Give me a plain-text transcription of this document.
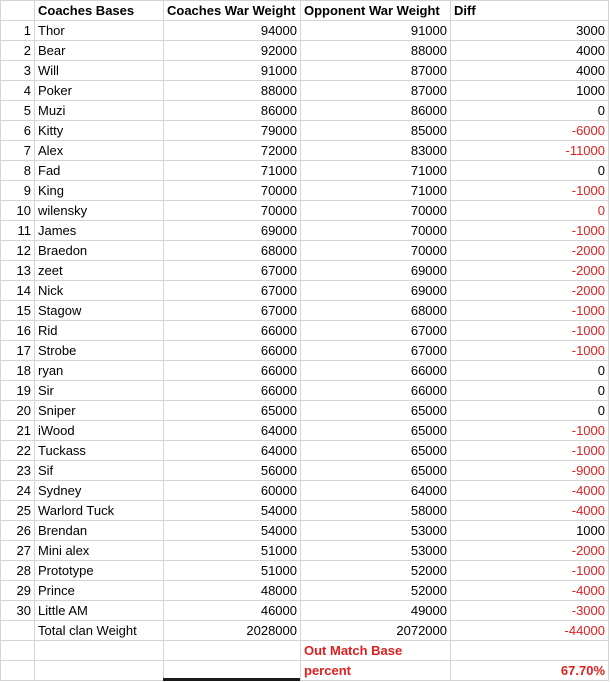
	Coaches Bases	Coaches War Weight	Opponent War Weight	Diff
1	Thor	94000	91000	3000
2	Bear	92000	88000	4000
3	Will	91000	87000	4000
4	Poker	88000	87000	1000
5	Muzi	86000	86000	0
6	Kitty	79000	85000	-6000
7	Alex	72000	83000	-11000
8	Fad	71000	71000	0
9	King	70000	71000	-1000
10	wilensky	70000	70000	0
11	James	69000	70000	-1000
12	Braedon	68000	70000	-2000
13	zeet	67000	69000	-2000
14	Nick	67000	69000	-2000
15	Stagow	67000	68000	-1000
16	Rid	66000	67000	-1000
17	Strobe	66000	67000	-1000
18	ryan	66000	66000	0
19	Sir	66000	66000	0
20	Sniper	65000	65000	0
21	iWood	64000	65000	-1000
22	Tuckass	64000	65000	-1000
23	Sif	56000	65000	-9000
24	Sydney	60000	64000	-4000
25	Warlord Tuck	54000	58000	-4000
26	Brendan	54000	53000	1000
27	Mini alex	51000	53000	-2000
28	Prototype	51000	52000	-1000
29	Prince	48000	52000	-4000
30	Little AM	46000	49000	-3000
	Total clan Weight	2028000	2072000	-44000
			Out Match Base	
			percent	67.70%
